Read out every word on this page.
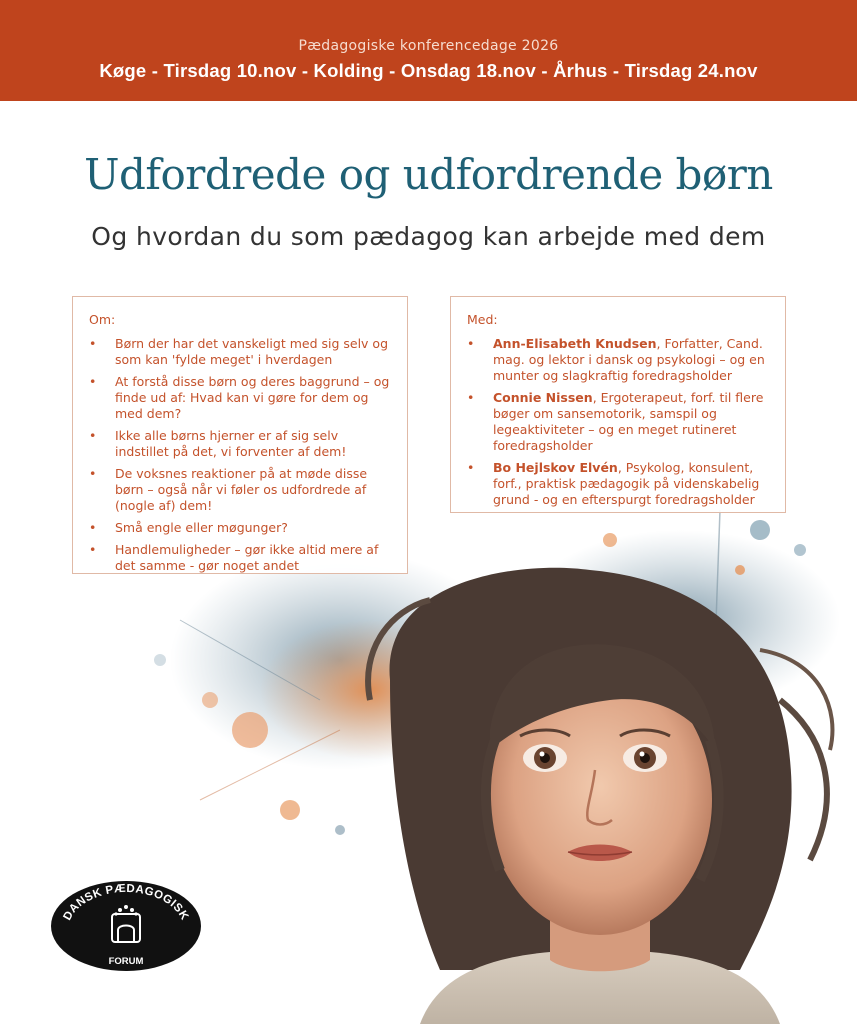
Pædagogiske konferencedage 2026
Køge - Tirsdag 10.nov - Kolding - Onsdag 18.nov - Århus - Tirsdag 24.nov
Udfordrede og udfordrende børn
Og hvordan du som pædagog kan arbejde med dem
Om:
• Børn der har det vanskeligt med sig selv og som kan 'fylde meget' i hverdagen
• At forstå disse børn og deres baggrund – og finde ud af: Hvad kan vi gøre for dem og med dem?
• Ikke alle børns hjerner er af sig selv indstillet på det, vi forventer af dem!
• De voksnes reaktioner på at møde disse børn – også når vi føler os udfordrede af (nogle af) dem!
• Små engle eller møgunger?
• Handlemuligheder – gør ikke altid mere af det samme - gør noget andet
Med:
• Ann-Elisabeth Knudsen, Forfatter, Cand. mag. og lektor i dansk og psykologi – og en munter og slagkraftig foredragsholder
• Connie Nissen, Ergoterapeut, forf. til flere bøger om sansemotorik, samspil og legeaktiviteter – og en meget rutineret foredragsholder
• Bo Hejlskov Elvén, Psykolog, konsulent, forf., praktisk pædagogik på videnskabelig grund - og en efterspurgt foredragsholder
DANSK PÆDAGOGISK
FORUM
